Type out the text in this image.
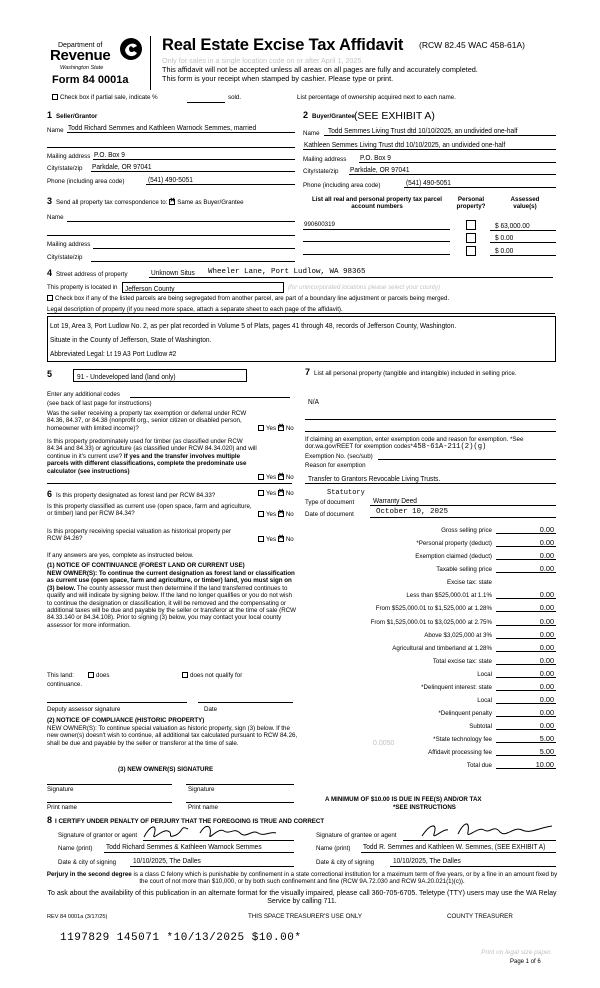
Department of
Revenue
Washington State
Form 84 0001a
Real Estate Excise Tax Affidavit (RCW 82.45 WAC 458-61A)
Only for sales in a single location code on or after April 1, 2025.
This affidavit will not be accepted unless all areas on all pages are fully and accurately completed.
This form is your receipt when stamped by cashier. Please type or print.
Check box if partial sale, indicate %	sold.	List percentage of ownership acquired next to each name.
1 Seller/Grantor
Name Todd Richard Semmes and Kathleen Warnock Semmes, married
Mailing address P.O. Box 9
City/state/zip Parkdale, OR 97041
Phone (including area code)	(541) 490-5051
2 Buyer/Grantee (SEE EXHIBIT A)
Name Todd Semmes Living Trust dtd 10/10/2025, an undivided one-half
Kathleen Semmes Living Trust dtd 10/10/2025, an undivided one-half
Mailing address P.O. Box 9
City/state/zip Parkdale, OR 97041
Phone (including area code)	(541) 490-5051
3 Send all property tax correspondence to: ✕ Same as Buyer/Grantee
Name
Mailing address
City/state/zip
List all real and personal property tax parcel account numbers
Personal property?
Assessed value(s)
990600319	$ 63,000.00
$ 0.00
$ 0.00
4 Street address of property	Unknown Situs Wheeler Lane, Port Ludlow, WA 98365
This property is located in Jefferson County	(for unincorporated locations please select your county)
Check box if any of the listed parcels are being segregated from another parcel, are part of a boundary line adjustment or parcels being merged.
Legal description of property (if you need more space, attach a separate sheet to each page of the affidavit).
Lot 19, Area 3, Port Ludlow No. 2, as per plat recorded in Volume 5 of Plats, pages 41 through 48, records of Jefferson County, Washington.
Situate in the County of Jefferson, State of Washington.
Abbreviated Legal: Lt 19 A3 Port Ludlow #2
5	91 - Undeveloped land (land only)
Enter any additional codes
(see back of last page for instructions)
Was the seller receiving a property tax exemption or deferral under RCW 84.36, 84.37, or 84.38 (nonprofit org., senior citizen or disabled person, homeowner with limited income)?	Yes ✕ No
Is this property predominately used for timber (as classified under RCW 84.34 and 84.33) or agriculture (as classified under RCW 84.34.020) and will continue in it's current use? If yes and the transfer involves multiple parcels with different classifications, complete the predominate use calculator (see instructions)
Yes ✕ No
6 Is this property designated as forest land per RCW 84.33?	Yes ✕ No
Is this property classified as current use (open space, farm and agriculture, or timber) land per RCW 84.34?	Yes ✕ No
Is this property receiving special valuation as historical property per RCW 84.26?	Yes ✕ No
If any answers are yes, complete as instructed below.
(1) NOTICE OF CONTINUANCE (FOREST LAND OR CURRENT USE)
NEW OWNER(S): To continue the current designation as forest land or classification as current use (open space, farm and agriculture, or timber) land, you must sign on (3) below. The county assessor must then determine if the land transferred continues to qualify and will indicate by signing below. If the land no longer qualifies or you do not wish to continue the designation or classification, it will be removed and the compensating or additional taxes will be due and payable by the seller or transferor at the time of sale (RCW 84.33.140 or 84.34.108). Prior to signing (3) below, you may contact your local county assessor for more information.
This land:	does	does not qualify for
continuance.
Deputy assessor signature	Date
(2) NOTICE OF COMPLIANCE (HISTORIC PROPERTY)
NEW OWNER(S): To continue special valuation as historic property, sign (3) below. If the new owner(s) doesn't wish to continue, all additional tax calculated pursuant to RCW 84.26, shall be due and payable by the seller or transferor at the time of sale.
(3) NEW OWNER(S) SIGNATURE
Signature	Signature
Print name	Print name
7 List all personal property (tangible and intangible) included in selling price.
N/A
If claiming an exemption, enter exemption code and reason for exemption. *See dor.wa.gov/REET for exemption codes*
Exemption No. (sec/sub)
458-61A-211(2)(g)
Reason for exemption
Transfer to Grantors Revocable Living Trusts.
Statutory
Type of document	Warranty Deed
Date of document	October 10, 2025
Gross selling price	0.00
*Personal property (deduct)	0.00
Exemption claimed (deduct)	0.00
Taxable selling price	0.00
Excise tax: state
Less than $525,000.01 at 1.1%	0.00
From $525,000.01 to $1,525,000 at 1.28%	0.00
From $1,525,000.01 to $3,025,000 at 2.75%	0.00
Above $3,025,000 at 3%	0.00
Agricultural and timberland at 1.28%	0.00
Total excise tax: state	0.00
Local	0.00
*Delinquent interest: state	0.00
Local	0.00
*Delinquent penalty	0.00
Subtotal	0.00
*State technology fee	5.00
Affidavit processing fee	5.00
Total due	10.00
0.0050
A MINIMUM OF $10.00 IS DUE IN FEE(S) AND/OR TAX
*SEE INSTRUCTIONS
8 I CERTIFY UNDER PENALTY OF PERJURY THAT THE FOREGOING IS TRUE AND CORRECT
Signature of grantor or agent	Signature of grantee or agent
Name (print) Todd Richard Semmes & Kathleen Warnock Semmes	Name (print) Todd R. Semmes and Kathleen W. Semmes, (SEE EXHIBIT A)
Date & city of signing 10/10/2025, The Dalles	Date & city of signing	10/10/2025, The Dalles
Perjury in the second degree is a class C felony which is punishable by confinement in a state correctional institution for a maximum term of five years, or by a fine in an amount fixed by the court of not more than $10,000, or by both such confinement and fine (RCW 9A.72.030 and RCW 9A.20.021(1)(c)).
To ask about the availability of this publication in an alternate format for the visually impaired, please call 360-705-6705. Teletype (TTY) users may use the WA Relay Service by calling 711.
REV 84 0001a (3/17/25)	THIS SPACE TREASURER'S USE ONLY	COUNTY TREASURER
1197829 145071 *10/13/2025 $10.00*
Print on legal size paper.
Page 1 of 6
